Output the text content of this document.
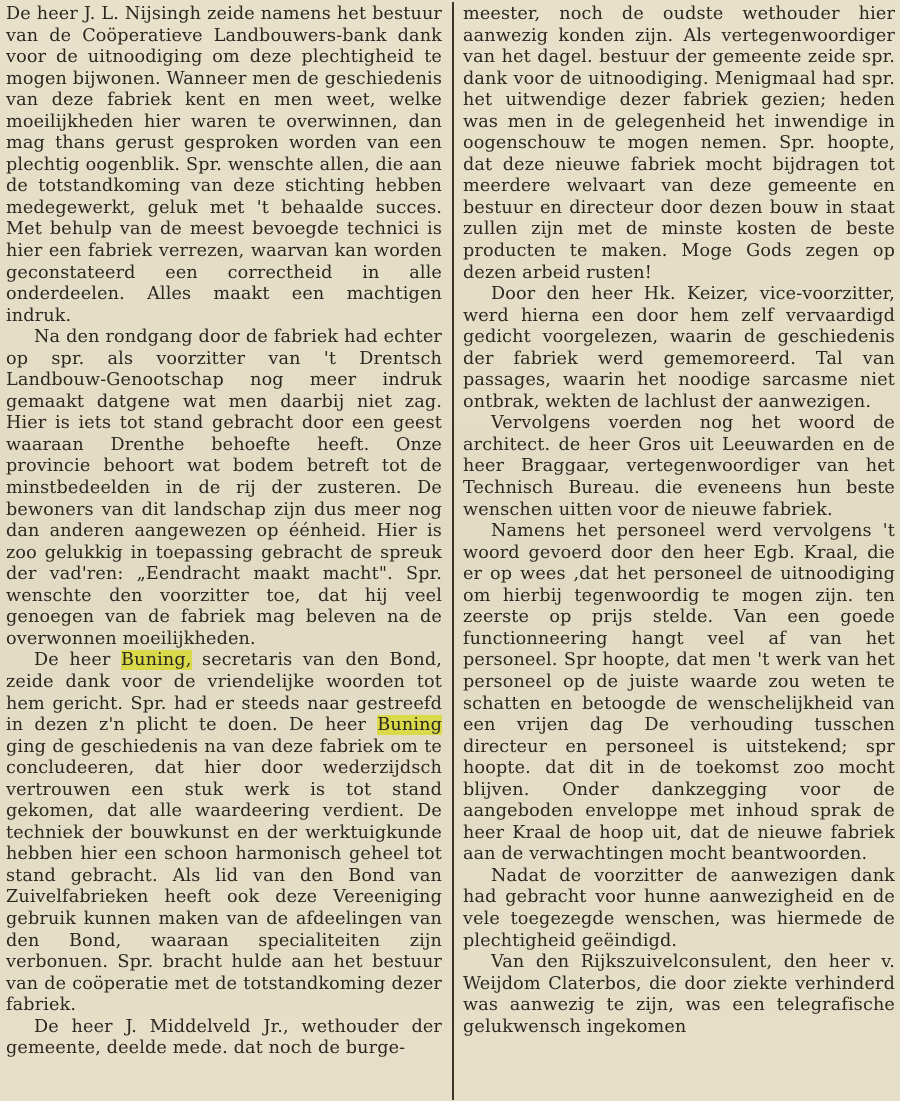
De heer J. L. Nijsingh zeide namens het bestuur van de Coöperatieve Landbouwers-bank dank voor de uitnoodiging om deze plechtigheid te mogen bijwonen. Wanneer men de geschiedenis van deze fabriek kent en men weet, welke moeilijkheden hier waren te overwinnen, dan mag thans gerust gesproken worden van een plechtig oogenblik. Spr. wenschte allen, die aan de totstandkoming van deze stichting hebben medegewerkt, geluk met 't behaalde succes. Met behulp van de meest bevoegde technici is hier een fabriek verrezen, waarvan kan worden geconstateerd een correctheid in alle onderdeelen. Alles maakt een machtigen indruk.

Na den rondgang door de fabriek had echter op spr. als voorzitter van 't Drentsch Landbouw-Genootschap nog meer indruk gemaakt datgene wat men daarbij niet zag. Hier is iets tot stand gebracht door een geest waaraan Drenthe behoefte heeft. Onze provincie behoort wat bodem betreft tot de minstbedeelden in de rij der zusteren. De bewoners van dit landschap zijn dus meer nog dan anderen aangewezen op éénheid. Hier is zoo gelukkig in toepassing gebracht de spreuk der vad'ren: „Eendracht maakt macht". Spr. wenschte den voorzitter toe, dat hij veel genoegen van de fabriek mag beleven na de overwonnen moeilijkheden.

De heer Buning, secretaris van den Bond, zeide dank voor de vriendelijke woorden tot hem gericht. Spr. had er steeds naar gestreefd in dezen z'n plicht te doen. De heer Buning ging de geschiedenis na van deze fabriek om te concludeeren, dat hier door wederzijdsch vertrouwen een stuk werk is tot stand gekomen, dat alle waardeering verdient. De techniek der bouwkunst en der werktuigkunde hebben hier een schoon harmonisch geheel tot stand gebracht. Als lid van den Bond van Zuivelfabrieken heeft ook deze Vereeniging gebruik kunnen maken van de afdeelingen van den Bond, waaraan specialiteiten zijn verbonuen. Spr. bracht hulde aan het bestuur van de coöperatie met de totstandkoming dezer fabriek.

De heer J. Middelveld Jr., wethouder der gemeente, deelde mede. dat noch de burge-

meester, noch de oudste wethouder hier aanwezig konden zijn. Als vertegenwoordiger van het dagel. bestuur der gemeente zeide spr. dank voor de uitnoodiging. Menigmaal had spr. het uitwendige dezer fabriek gezien; heden was men in de gelegenheid het inwendige in oogenschouw te mogen nemen. Spr. hoopte, dat deze nieuwe fabriek mocht bijdragen tot meerdere welvaart van deze gemeente en bestuur en directeur door dezen bouw in staat zullen zijn met de minste kosten de beste producten te maken. Moge Gods zegen op dezen arbeid rusten!

Door den heer Hk. Keizer, vice-voorzitter, werd hierna een door hem zelf vervaardigd gedicht voorgelezen, waarin de geschiedenis der fabriek werd gememoreerd. Tal van passages, waarin het noodige sarcasme niet ontbrak, wekten de lachlust der aanwezigen.

Vervolgens voerden nog het woord de architect. de heer Gros uit Leeuwarden en de heer Braggaar, vertegenwoordiger van het Technisch Bureau. die eveneens hun beste wenschen uitten voor de nieuwe fabriek.

Namens het personeel werd vervolgens 't woord gevoerd door den heer Egb. Kraal, die er op wees ,dat het personeel de uitnoodiging om hierbij tegenwoordig te mogen zijn. ten zeerste op prijs stelde. Van een goede functionneering hangt veel af van het personeel. Spr hoopte, dat men 't werk van het personeel op de juiste waarde zou weten te schatten en betoogde de wenschelijkheid van een vrijen dag De verhouding tusschen directeur en personeel is uitstekend; spr hoopte. dat dit in de toekomst zoo mocht blijven. Onder dankzegging voor de aangeboden enveloppe met inhoud sprak de heer Kraal de hoop uit, dat de nieuwe fabriek aan de verwachtingen mocht beantwoorden.

Nadat de voorzitter de aanwezigen dank had gebracht voor hunne aanwezigheid en de vele toegezegde wenschen, was hiermede de plechtigheid geëindigd.

Van den Rijkszuivelconsulent, den heer v. Weijdom Claterbos, die door ziekte verhinderd was aanwezig te zijn, was een telegrafische gelukwensch ingekomen
